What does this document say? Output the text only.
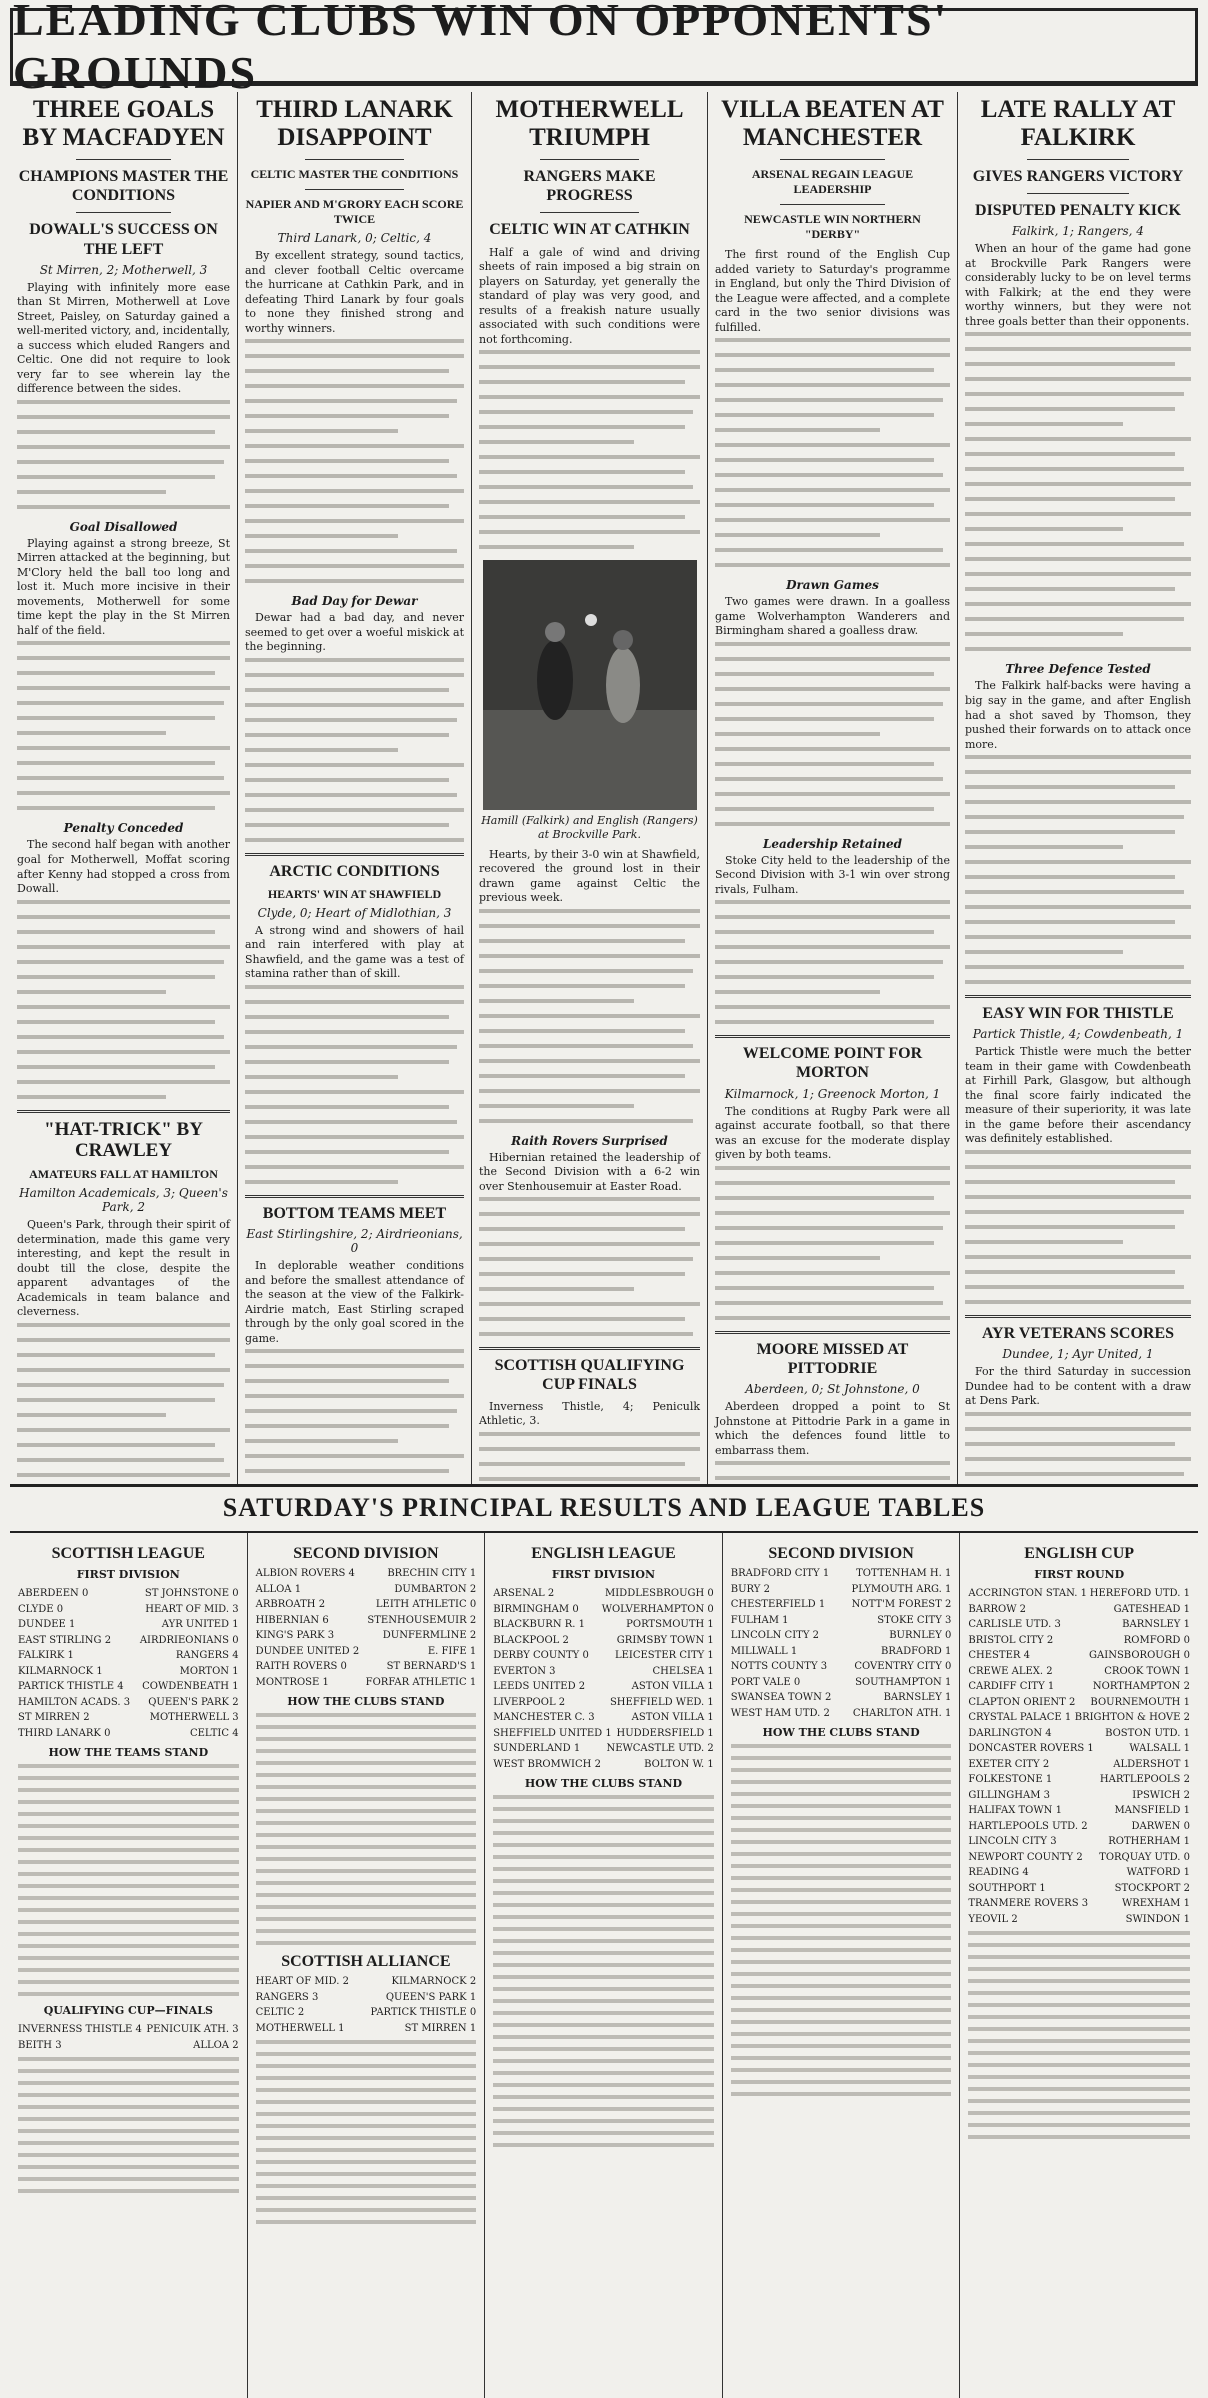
LEADING CLUBS WIN ON OPPONENTS' GROUNDS
THREE GOALS BY MACFADYEN
CHAMPIONS MASTER THE CONDITIONS
DOWALL'S SUCCESS ON THE LEFT
St Mirren, 2; Motherwell, 3

Playing with infinitely more ease than St Mirren, Motherwell at Love Street, Paisley, on Saturday gained a well-merited victory, and, incidentally, a success which eluded Rangers and Celtic. One did not require to look very far to see wherein lay the difference between the sides.

Goal Disallowed

Playing against a strong breeze, St Mirren attacked at the beginning, but M'Clory held the ball too long and lost it. Much more incisive in their movements, Motherwell for some time kept the play in the St Mirren half of the field.

Penalty Conceded

The second half began with another goal for Motherwell, Moffat scoring after Kenny had stopped a cross from Dowall.

"HAT-TRICK" BY CRAWLEY
AMATEURS FALL AT HAMILTON
Hamilton Academicals, 3; Queen's Park, 2

Queen's Park, through their spirit of determination, made this game very interesting, and kept the result in doubt till the close, despite the apparent advantages of the Academicals in team balance and cleverness.

THIRD LANARK DISAPPOINT
CELTIC MASTER THE CONDITIONS
NAPIER AND M'GRORY EACH SCORE TWICE
Third Lanark, 0; Celtic, 4

By excellent strategy, sound tactics, and clever football Celtic overcame the hurricane at Cathkin Park, and in defeating Third Lanark by four goals to none they finished strong and worthy winners.

Bad Day for Dewar

Dewar had a bad day, and never seemed to get over a woeful miskick at the beginning.

ARCTIC CONDITIONS
HEARTS' WIN AT SHAWFIELD
Clyde, 0; Heart of Midlothian, 3

A strong wind and showers of hail and rain interfered with play at Shawfield, and the game was a test of stamina rather than of skill.

BOTTOM TEAMS MEET
East Stirlingshire, 2; Airdrieonians, 0

In deplorable weather conditions and before the smallest attendance of the season at the view of the Falkirk-Airdrie match, East Stirling scraped through by the only goal scored in the game.

MOTHERWELL TRIUMPH
RANGERS MAKE PROGRESS
CELTIC WIN AT CATHKIN

Half a gale of wind and driving sheets of rain imposed a big strain on players on Saturday, yet generally the standard of play was very good, and results of a freakish nature usually associated with such conditions were not forthcoming.

Hamill (Falkirk) and English (Rangers) at Brockville Park.

Hearts, by their 3-0 win at Shawfield, recovered the ground lost in their drawn game against Celtic the previous week.

Raith Rovers Surprised

Hibernian retained the leadership of the Second Division with a 6-2 win over Stenhousemuir at Easter Road.

SCOTTISH QUALIFYING CUP FINALS

Inverness Thistle, 4; Peniculk Athletic, 3.

VILLA BEATEN AT MANCHESTER
ARSENAL REGAIN LEAGUE LEADERSHIP
NEWCASTLE WIN NORTHERN "DERBY"

The first round of the English Cup added variety to Saturday's programme in England, but only the Third Division of the League were affected, and a complete card in the two senior divisions was fulfilled.

Drawn Games

Two games were drawn. In a goalless game Wolverhampton Wanderers and Birmingham shared a goalless draw.

Leadership Retained

Stoke City held to the leadership of the Second Division with 3-1 win over strong rivals, Fulham.

WELCOME POINT FOR MORTON
Kilmarnock, 1; Greenock Morton, 1

The conditions at Rugby Park were all against accurate football, so that there was an excuse for the moderate display given by both teams.

MOORE MISSED AT PITTODRIE
Aberdeen, 0; St Johnstone, 0

Aberdeen dropped a point to St Johnstone at Pittodrie Park in a game in which the defences found little to embarrass them.

LATE RALLY AT FALKIRK
GIVES RANGERS VICTORY
DISPUTED PENALTY KICK
Falkirk, 1; Rangers, 4

When an hour of the game had gone at Brockville Park Rangers were considerably lucky to be on level terms with Falkirk; at the end they were worthy winners, but they were not three goals better than their opponents.

Three Defence Tested

The Falkirk half-backs were having a big say in the game, and after English had a shot saved by Thomson, they pushed their forwards on to attack once more.

EASY WIN FOR THISTLE
Partick Thistle, 4; Cowdenbeath, 1

Partick Thistle were much the better team in their game with Cowdenbeath at Firhill Park, Glasgow, but although the final score fairly indicated the measure of their superiority, it was late in the game before their ascendancy was definitely established.

AYR VETERANS SCORES
Dundee, 1; Ayr United, 1

For the third Saturday in succession Dundee had to be content with a draw at Dens Park.

SATURDAY'S PRINCIPAL RESULTS AND LEAGUE TABLES
SCOTTISH LEAGUE
FIRST DIVISION
ABERDEEN 0	ST JOHNSTONE 0
CLYDE 0	HEART OF MID. 3
DUNDEE 1	AYR UNITED 1
EAST STIRLING 2	AIRDRIEONIANS 0
FALKIRK 1	RANGERS 4
KILMARNOCK 1	MORTON 1
PARTICK THISTLE 4 COWDENBEATH 1
HAMILTON ACADS. 3 QUEEN'S PARK 2
ST MIRREN 2	MOTHERWELL 3
THIRD LANARK 0	CELTIC 4
HOW THE TEAMS STAND
QUALIFYING CUP—FINALS
INVERNESS THISTLE 4 PENICUIK ATH. 3
BEITH 3	ALLOA 2
SECOND DIVISION
ALBION ROVERS 4	BRECHIN CITY 1
ALLOA 1	DUMBARTON 2
ARBROATH 2	LEITH ATHLETIC 0
HIBERNIAN 6	STENHOUSEMUIR 2
KING'S PARK 3	DUNFERMLINE 2
DUNDEE UNITED 2	E. FIFE 1
RAITH ROVERS 0	ST BERNARD'S 1
MONTROSE 1	FORFAR ATHLETIC 1
HOW THE CLUBS STAND
SCOTTISH ALLIANCE
HEART OF MID. 2	KILMARNOCK 2
RANGERS 3	QUEEN'S PARK 1
CELTIC 2	PARTICK THISTLE 0
MOTHERWELL 1	ST MIRREN 1
ENGLISH LEAGUE
FIRST DIVISION
ARSENAL 2	MIDDLESBROUGH 0
BIRMINGHAM 0 WOLVERHAMPTON 0
BLACKBURN R. 1	PORTSMOUTH 1
BLACKPOOL 2	GRIMSBY TOWN 1
DERBY COUNTY 0	LEICESTER CITY 1
EVERTON 3	CHELSEA 1
LEEDS UNITED 2	ASTON VILLA 1
LIVERPOOL 2	SHEFFIELD WED. 1
MANCHESTER C. 3	ASTON VILLA 1
SHEFFIELD UNITED 1 HUDDERSFIELD 1
SUNDERLAND 1	NEWCASTLE UTD. 2
WEST BROMWICH 2	BOLTON W. 1
HOW THE CLUBS STAND
SECOND DIVISION
BRADFORD CITY 1	TOTTENHAM H. 1
BURY 2	PLYMOUTH ARG. 1
CHESTERFIELD 1	NOTT'M FOREST 2
FULHAM 1	STOKE CITY 3
LINCOLN CITY 2	BURNLEY 0
MILLWALL 1	BRADFORD 1
NOTTS COUNTY 3	COVENTRY CITY 0
PORT VALE 0	SOUTHAMPTON 1
SWANSEA TOWN 2	BARNSLEY 1
WEST HAM UTD. 2 CHARLTON ATH. 1
HOW THE CLUBS STAND
ENGLISH CUP
FIRST ROUND
ACCRINGTON STAN. 1 HEREFORD UTD. 1
BARROW 2	GATESHEAD 1
CARLISLE UTD. 3	BARNSLEY 1
BRISTOL CITY 2	ROMFORD 0
CHESTER 4	GAINSBOROUGH 0
CREWE ALEX. 2	CROOK TOWN 1
CARDIFF CITY 1	NORTHAMPTON 2
CLAPTON ORIENT 2 BOURNEMOUTH 1
CRYSTAL PALACE 1 BRIGHTON & HOVE 2
DARLINGTON 4	BOSTON UTD. 1
DONCASTER ROVERS 1	WALSALL 1
EXETER CITY 2	ALDERSHOT 1
FOLKESTONE 1	HARTLEPOOLS 2
GILLINGHAM 3	IPSWICH 2
HALIFAX TOWN 1	MANSFIELD 1
HARTLEPOOLS UTD. 2	DARWEN 0
LINCOLN CITY 3	ROTHERHAM 1
NEWPORT COUNTY 2 TORQUAY UTD. 0
READING 4	WATFORD 1
SOUTHPORT 1	STOCKPORT 2
TRANMERE ROVERS 3	WREXHAM 1
YEOVIL 2	SWINDON 1
